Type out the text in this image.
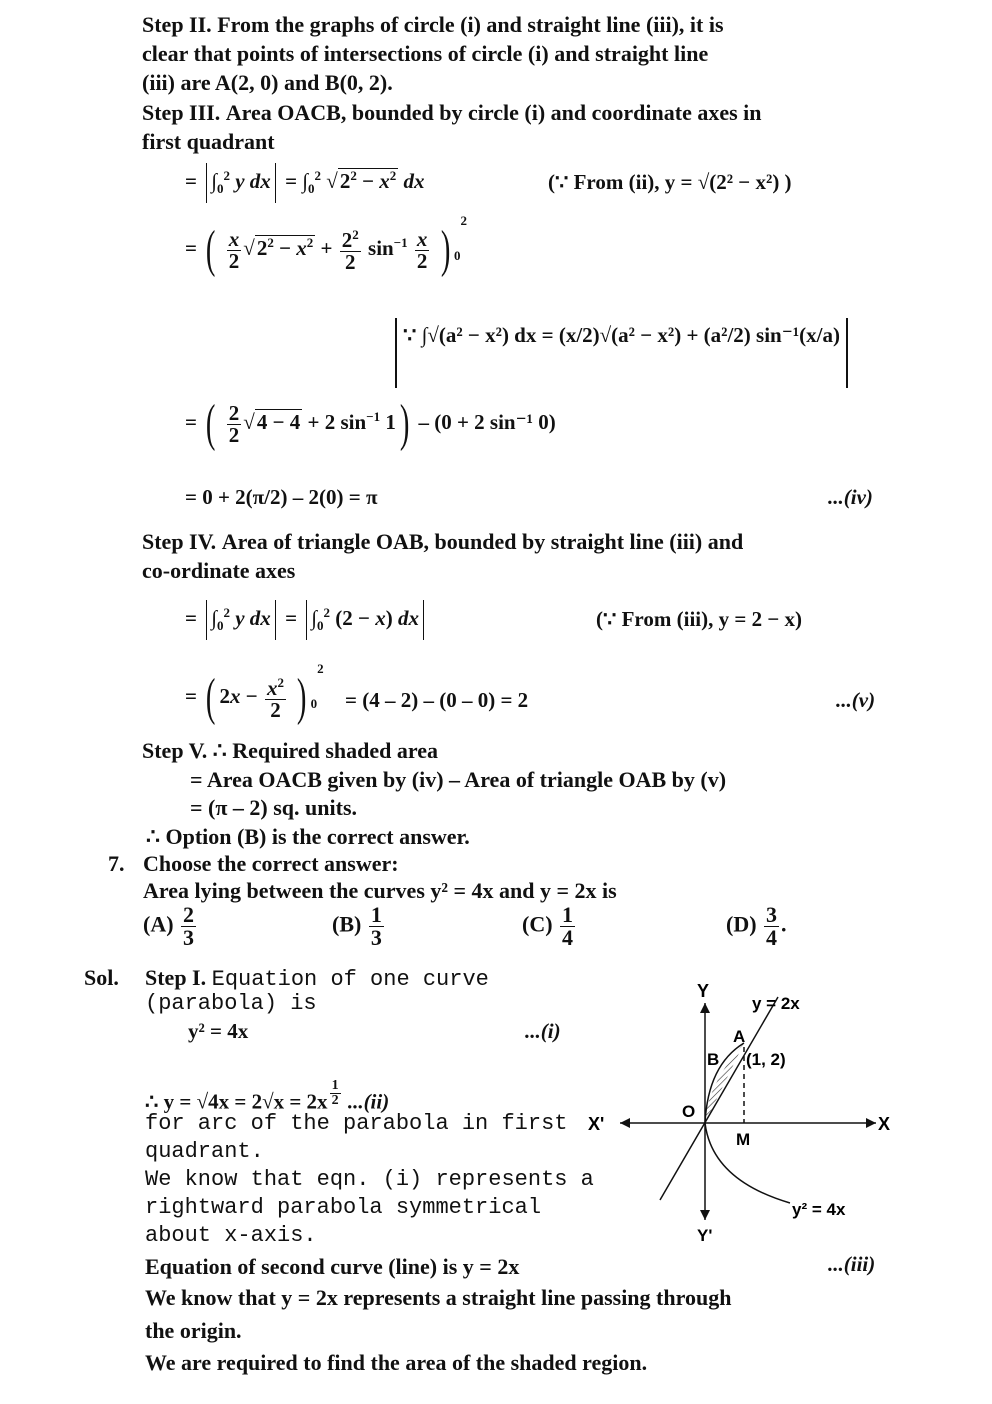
Step II. From the graphs of circle (i) and straight line (iii), it is
clear that points of intersections of circle (i) and straight line
(iii) are A(2, 0) and B(0, 2).
Step III. Area OACB, bounded by circle (i) and coordinate axes in
first quadrant
= $\int_0^2$ y dx = $\int_0^2$ $√2^2 - x^2$ dx	(∵ From (ii), y = √(2² − x²) )
= ( $\frac{x}{2} √2^2 - x^2 + \frac{2^2}{2} \sin^{-1} \frac{x}{2}$ ) $_0^2$
∵ ∫√(a² − x²) dx = (x/2)√(a² − x²) + (a²/2) sin⁻¹(x/a)
= ( $\frac{2}{2} √4 - 4 + 2$ $\sin^{-1} 1) - (0 + 2$ sin⁻¹ 0)
= 0 + 2(π/2) – 2(0) = π	...(iv)
Step IV. Area of triangle OAB, bounded by straight line (iii) and
co-ordinate axes
= $\int_0^2$ y dx = $\int_0^2$ (2 − x) dx	(∵ From (iii), y = 2 − x)
= ( $2x - \frac{x^2}{2}$ ) $_0^2$
= (4 – 2) – (0 – 0) = 2	...(v)
Step V. ∴ Required shaded area
= Area OACB given by (iv) – Area of triangle OAB by (v)
= (π – 2) sq. units.
∴ Option (B) is the correct answer.
7. Choose the correct answer:
Area lying between the curves y² = 4x and y = 2x is
$(A) \frac{2}{3}$	$(B) \frac{1}{3}$	$(C) \frac{1}{4}$	$(D) \frac{3}{4}$ .
Sol. Step I. Equation of one curve
(parabola) is
y² = 4x	...(i)
∴ y = √4x = 2√x = 2x $^{\frac{1}{2}}$ ...(ii)
for arc of the parabola in first
quadrant.
We know that eqn. (i) represents a
rightward parabola symmetrical
about x-axis.
Equation of second curve (line) is y = 2x	...(iii)
We know that y = 2x represents a straight line passing through
the origin.
We are required to find the area of the shaded region.
Y
Y'
X
X'
O
y = 2x
A
B (1, 2)
M
y² = 4x
